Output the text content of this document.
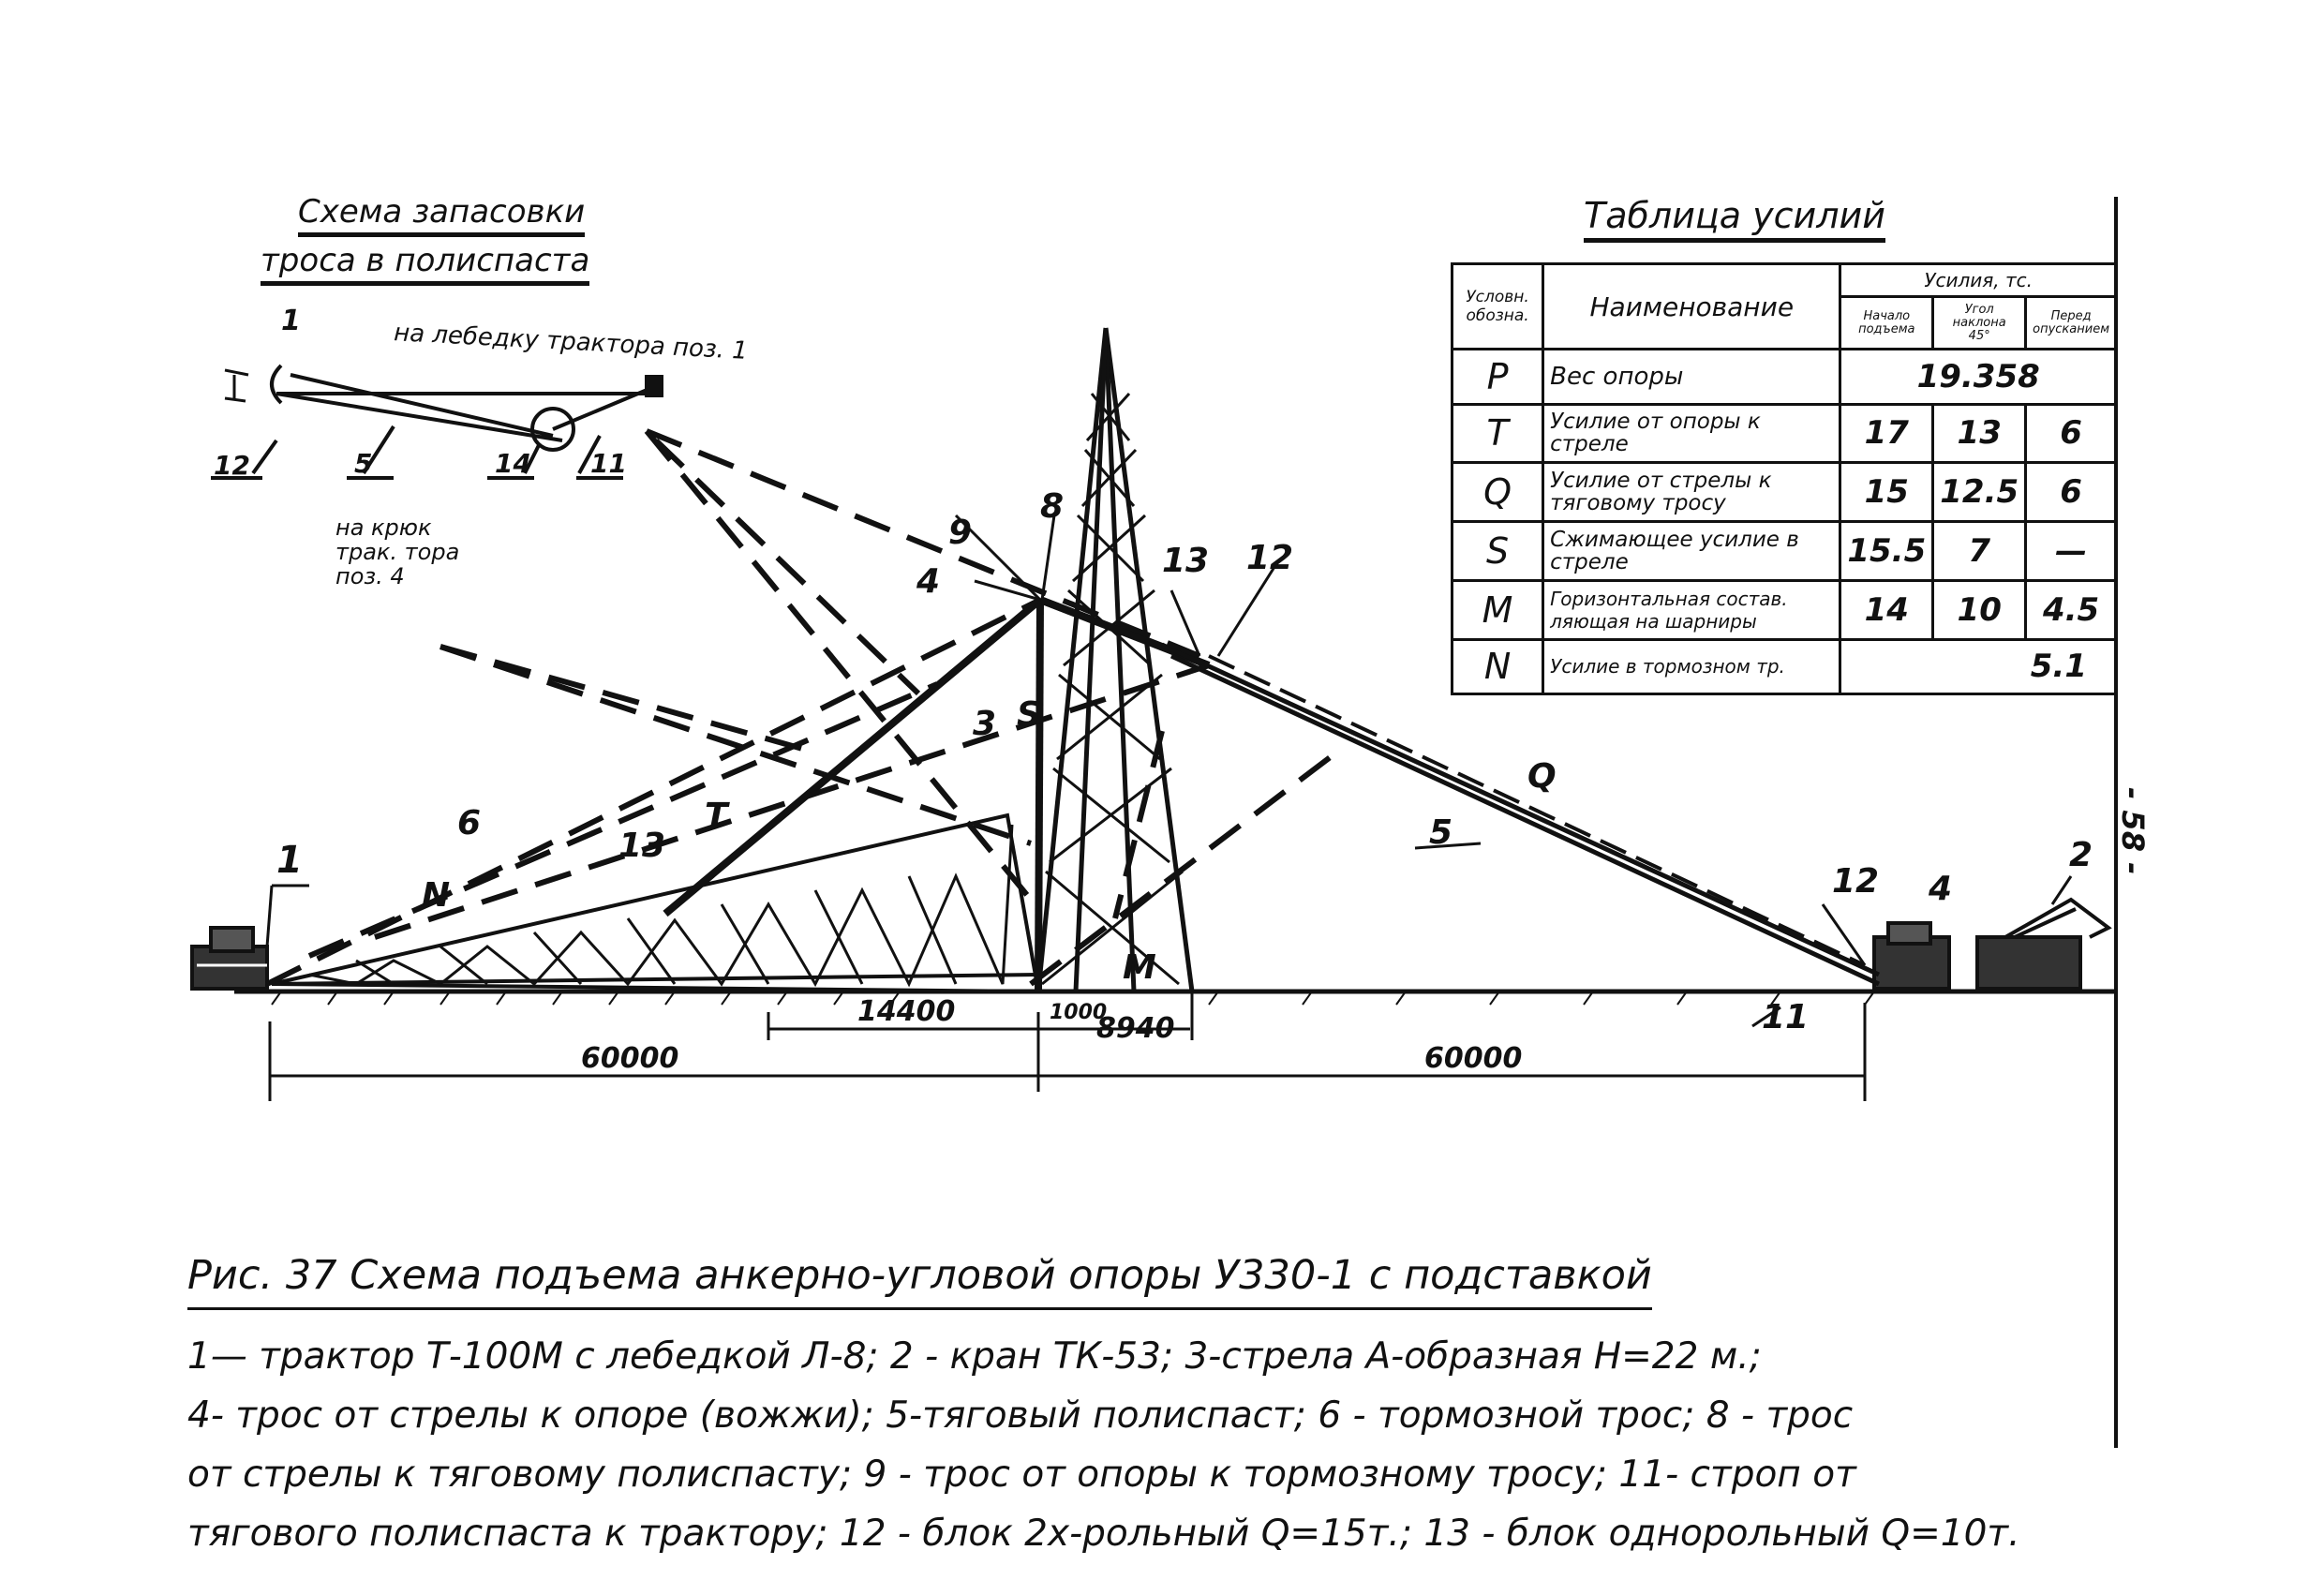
Схема запасовки
троса в полиспаста
на лебедку трактора поз. 1
на крюк трак. тора поз. 4
1
12	5	14 11
Таблица усилий
Условн. обозна.	Наименование	Усилия, тс.		
		Начало подъема	Угол наклона 45°	Перед опусканием
P	Вес опоры	19.358		
T	Усилие от опоры к стреле	17	13	6
Q	Усилие от стрелы к тяговому тросу	15	12.5	6
S	Сжимающее усилие в стреле	15.5	7	—
M	Горизонтальная состав. ляющая на шарниры	14	10	4.5
N	Усилие в тормозном тр.	5.1		
1	2
4
4
9
8
13 12
3 S
T
6
13
N
Q
5
12
M
11
14400	1000
8940
60000	60000
- 58 -
Рис. 37 Схема подъема анкерно-угловой опоры У330-1 с подставкой
1— трактор Т-100М с лебедкой Л-8; 2 - кран ТК-53; 3-стрела А-образная Н=22 м.;
4- трос от стрелы к опоре (вожжи); 5-тяговый полиспаст; 6 - тормозной трос; 8 - трос
от стрелы к тяговому полиспасту; 9 - трос от опоры к тормозному тросу; 11- строп от
тягового полиспаста к трактору; 12 - блок 2х-рольный Q=15т.; 13 - блок однорольный Q=10т.
